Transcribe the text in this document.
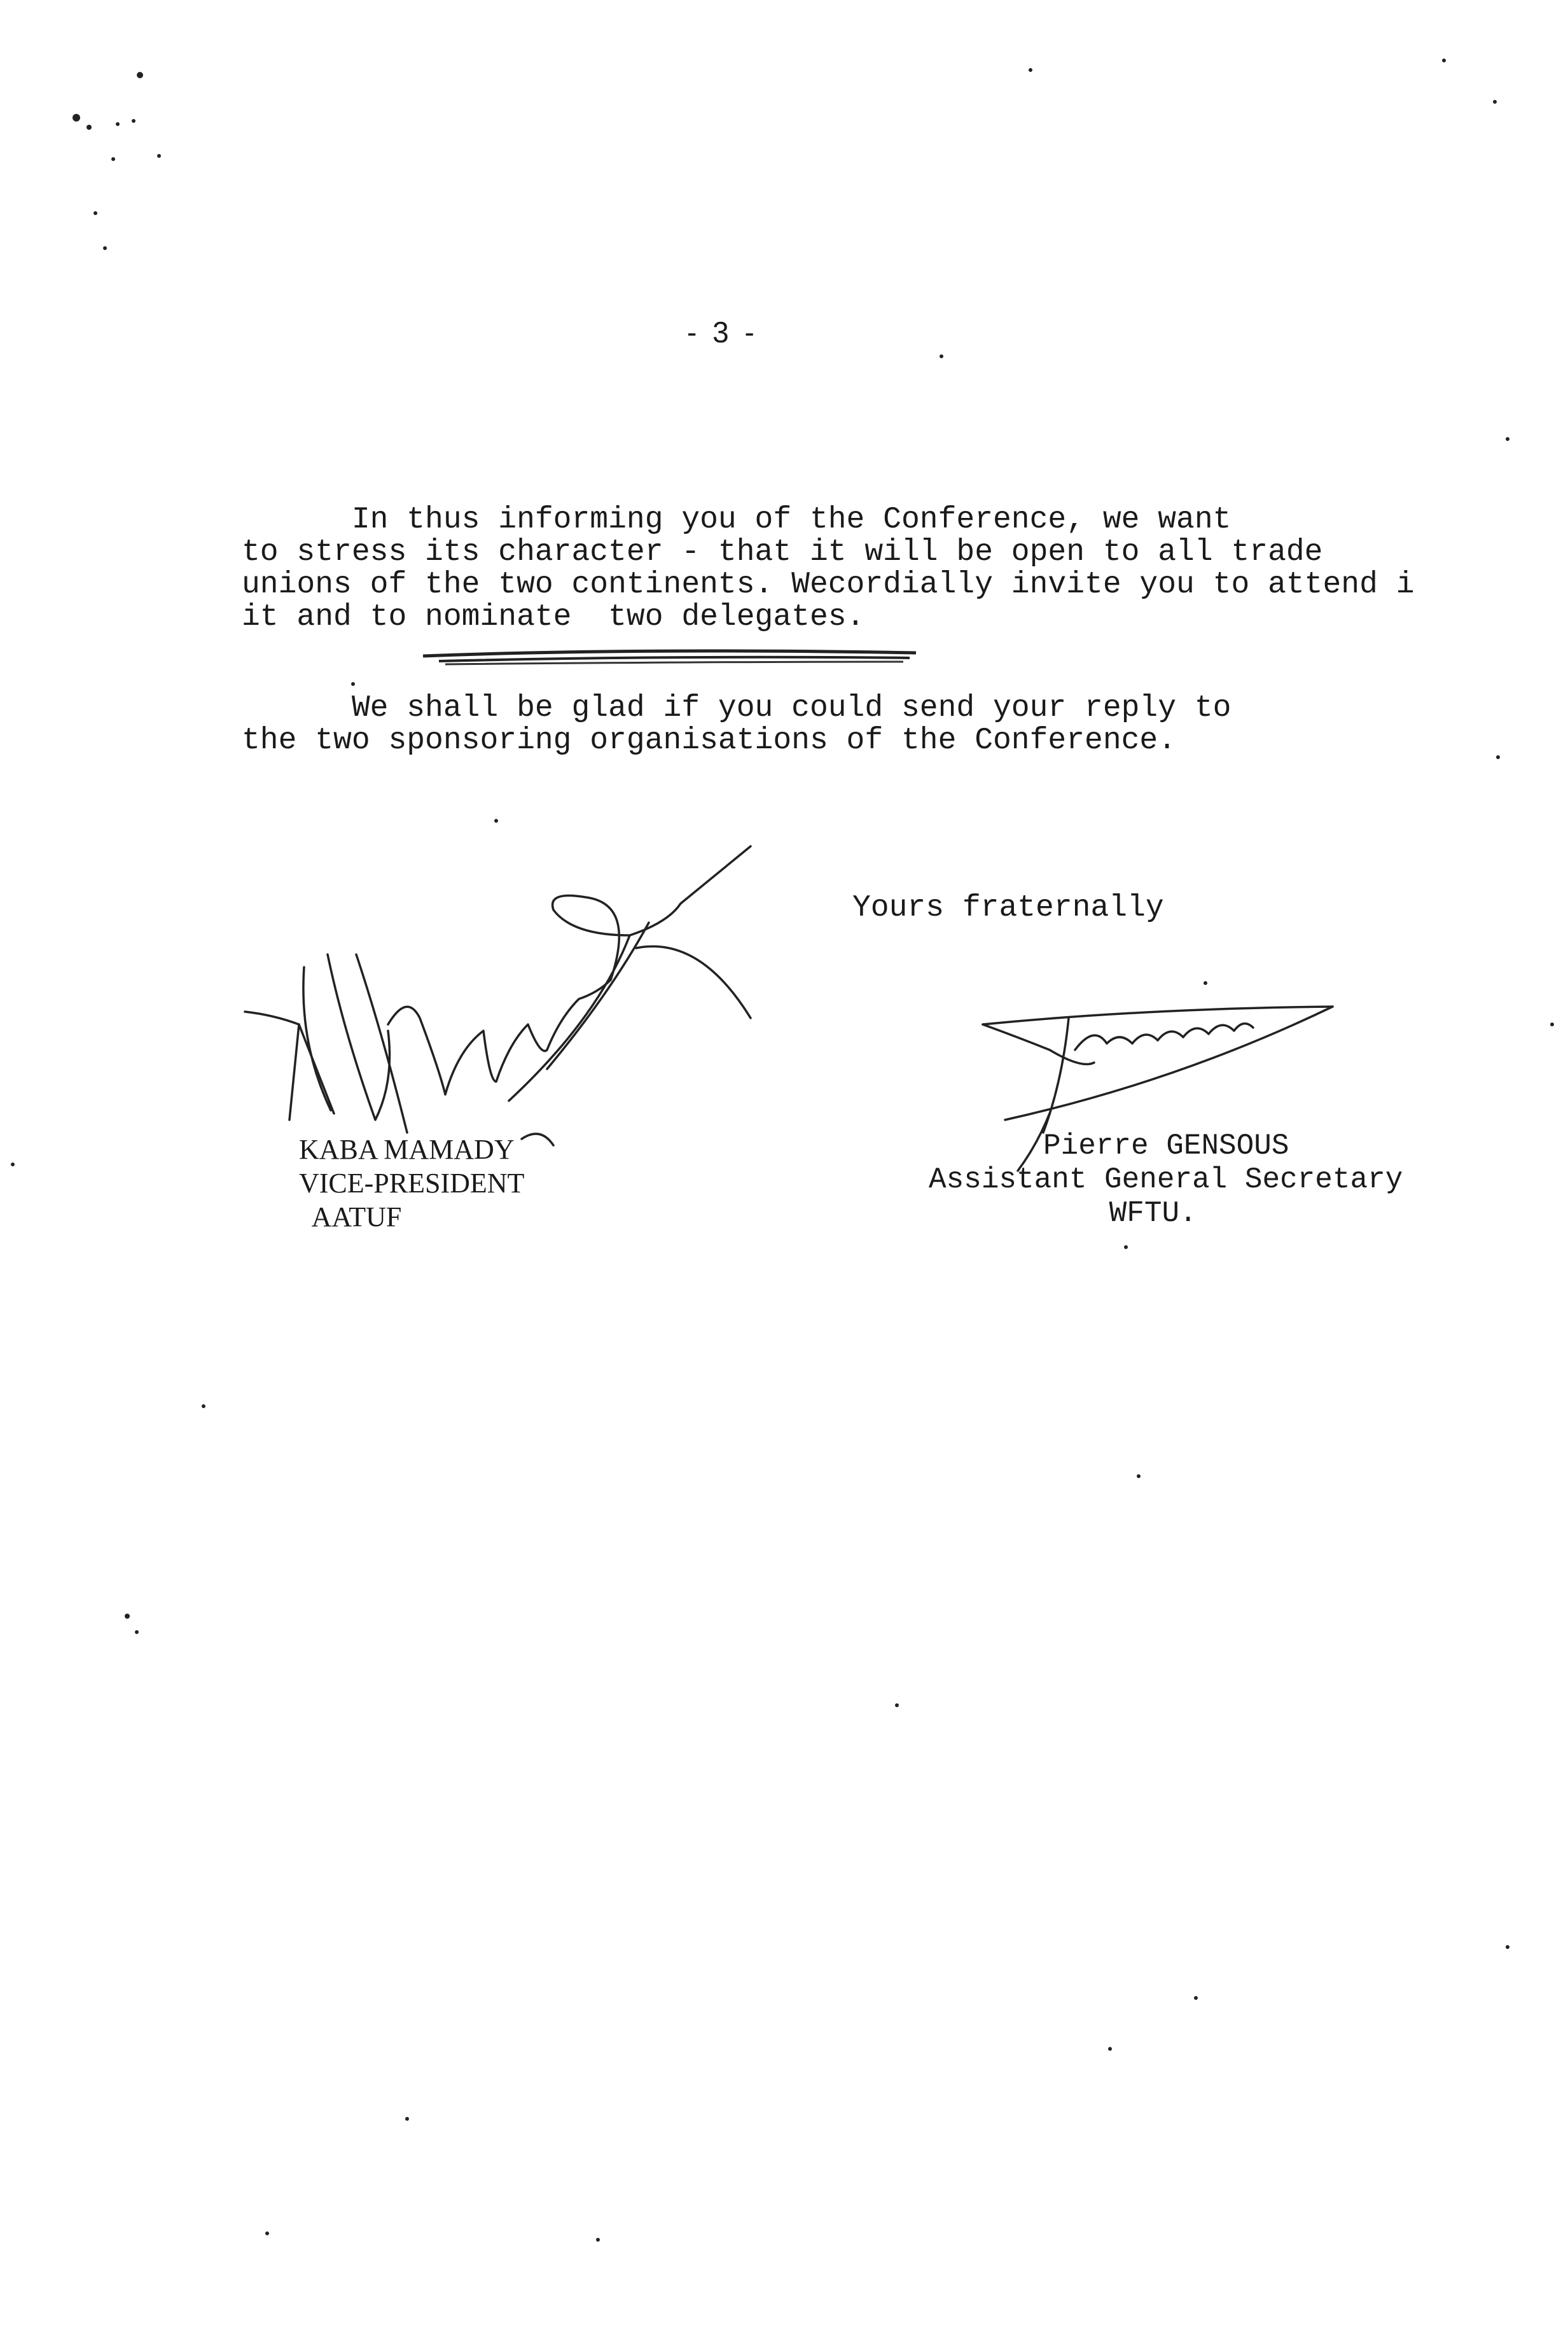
- 3 -
In thus informing you of the Conference, we want
to stress its character - that it will be open to all trade
unions of the two continents. Wecordially invite you to attend i
it and to nominate  two delegates.
We shall be glad if you could send your reply to
the two sponsoring organisations of the Conference.
Yours fraternally
KABA MAMADY
VICE-PRESIDENT
AATUF
Pierre GENSOUS
Assistant General Secretary
WFTU.
